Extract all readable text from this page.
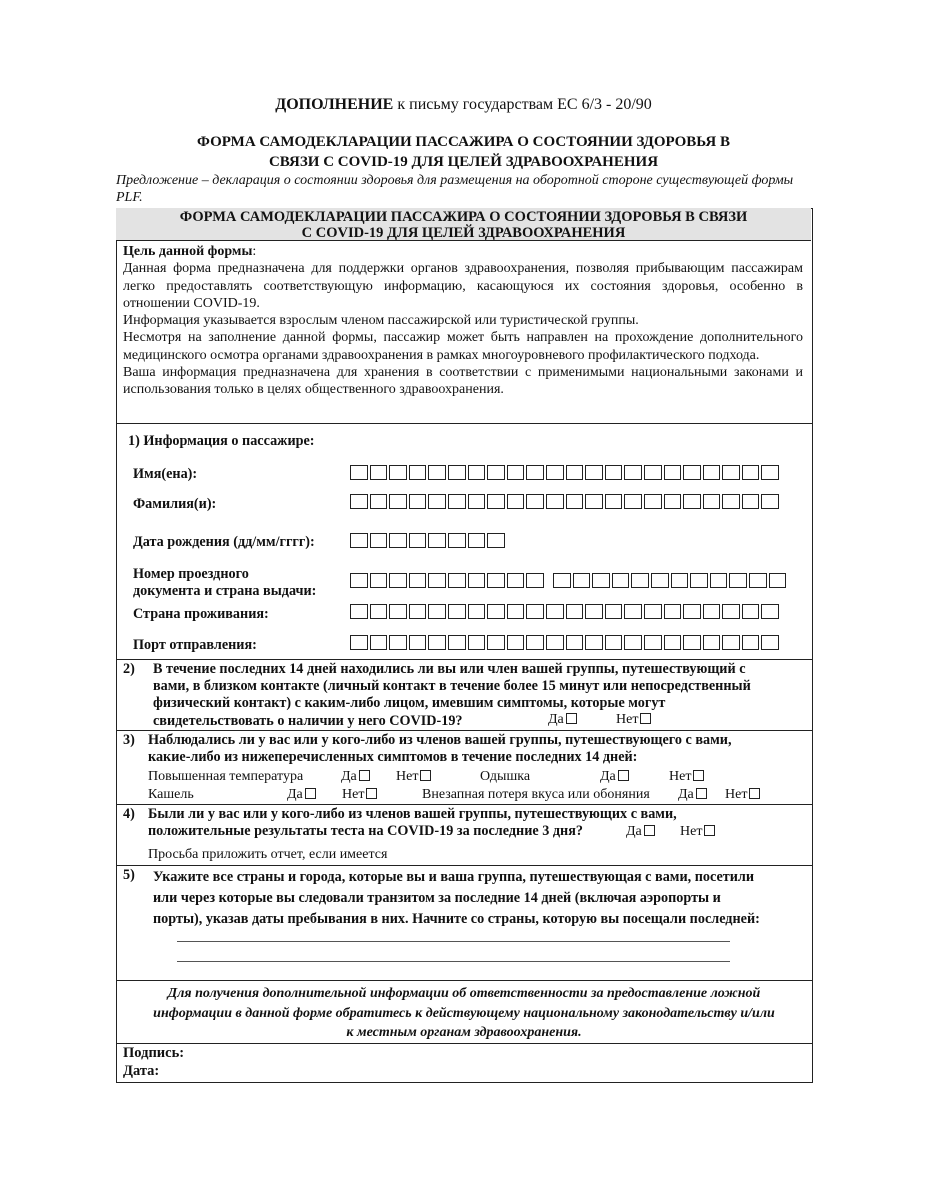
ДОПОЛНЕНИЕ к письму государствам ЕС 6/3 - 20/90
ФОРМА САМОДЕКЛАРАЦИИ ПАССАЖИРА О СОСТОЯНИИ ЗДОРОВЬЯ В
СВЯЗИ С COVID-19 ДЛЯ ЦЕЛЕЙ ЗДРАВООХРАНЕНИЯ
Предложение – декларация о состоянии здоровья для размещения на оборотной стороне существующей формы PLF.
ФОРМА САМОДЕКЛАРАЦИИ ПАССАЖИРА О СОСТОЯНИИ ЗДОРОВЬЯ В СВЯЗИ
С COVID-19 ДЛЯ ЦЕЛЕЙ ЗДРАВООХРАНЕНИЯ

Цель данной формы:

Данная форма предназначена для поддержки органов здравоохранения, позволяя прибывающим пассажирам легко предоставлять соответствующую информацию, касающуюся их состояния здоровья, особенно в отношении COVID-19.

Информация указывается взрослым членом пассажирской или туристической группы.

Несмотря на заполнение данной формы, пассажир может быть направлен на прохождение дополнительного медицинского осмотра органами здравоохранения в рамках многоуровневого профилактического подхода.

Ваша информация предназначена для хранения в соответствии с применимыми национальными законами и использования только в целях общественного здравоохранения.

1) Информация о пассажире:
Имя(ена):
Фамилия(и):
Дата рождения (дд/мм/гггг):
Номер проездного
документа и страна выдачи:
Страна проживания:
Порт отправления:
2) В течение последних 14 дней находились ли вы или член вашей группы, путешествующий с
вами, в близком контакте (личный контакт в течение более 15 минут или непосредственный
физический контакт) с каким-либо лицом, имевшим симптомы, которые могут
свидетельствовать о наличии у него COVID-19?	Да	Нет
3) Наблюдались ли у вас или у кого-либо из членов вашей группы, путешествующего с вами,
какие-либо из нижеперечисленных симптомов в течение последних 14 дней:
Повышенная температура	Да	Нет	Одышка	Да	Нет
Кашель	Да	Нет	Внезапная потеря вкуса или обоняния Да	Нет
4) Были ли у вас или у кого-либо из членов вашей группы, путешествующих с вами,
положительные результаты теста на COVID-19 за последние 3 дня?	Да	Нет
Просьба приложить отчет, если имеется
5) Укажите все страны и города, которые вы и ваша группа, путешествующая с вами, посетили
или через которые вы следовали транзитом за последние 14 дней (включая аэропорты и
порты), указав даты пребывания в них. Начните со страны, которую вы посещали последней:
Для получения дополнительной информации об ответственности за предоставление ложной
информации в данной форме обратитесь к действующему национальному законодательству и/или
к местным органам здравоохранения.
Подпись:
Дата:
